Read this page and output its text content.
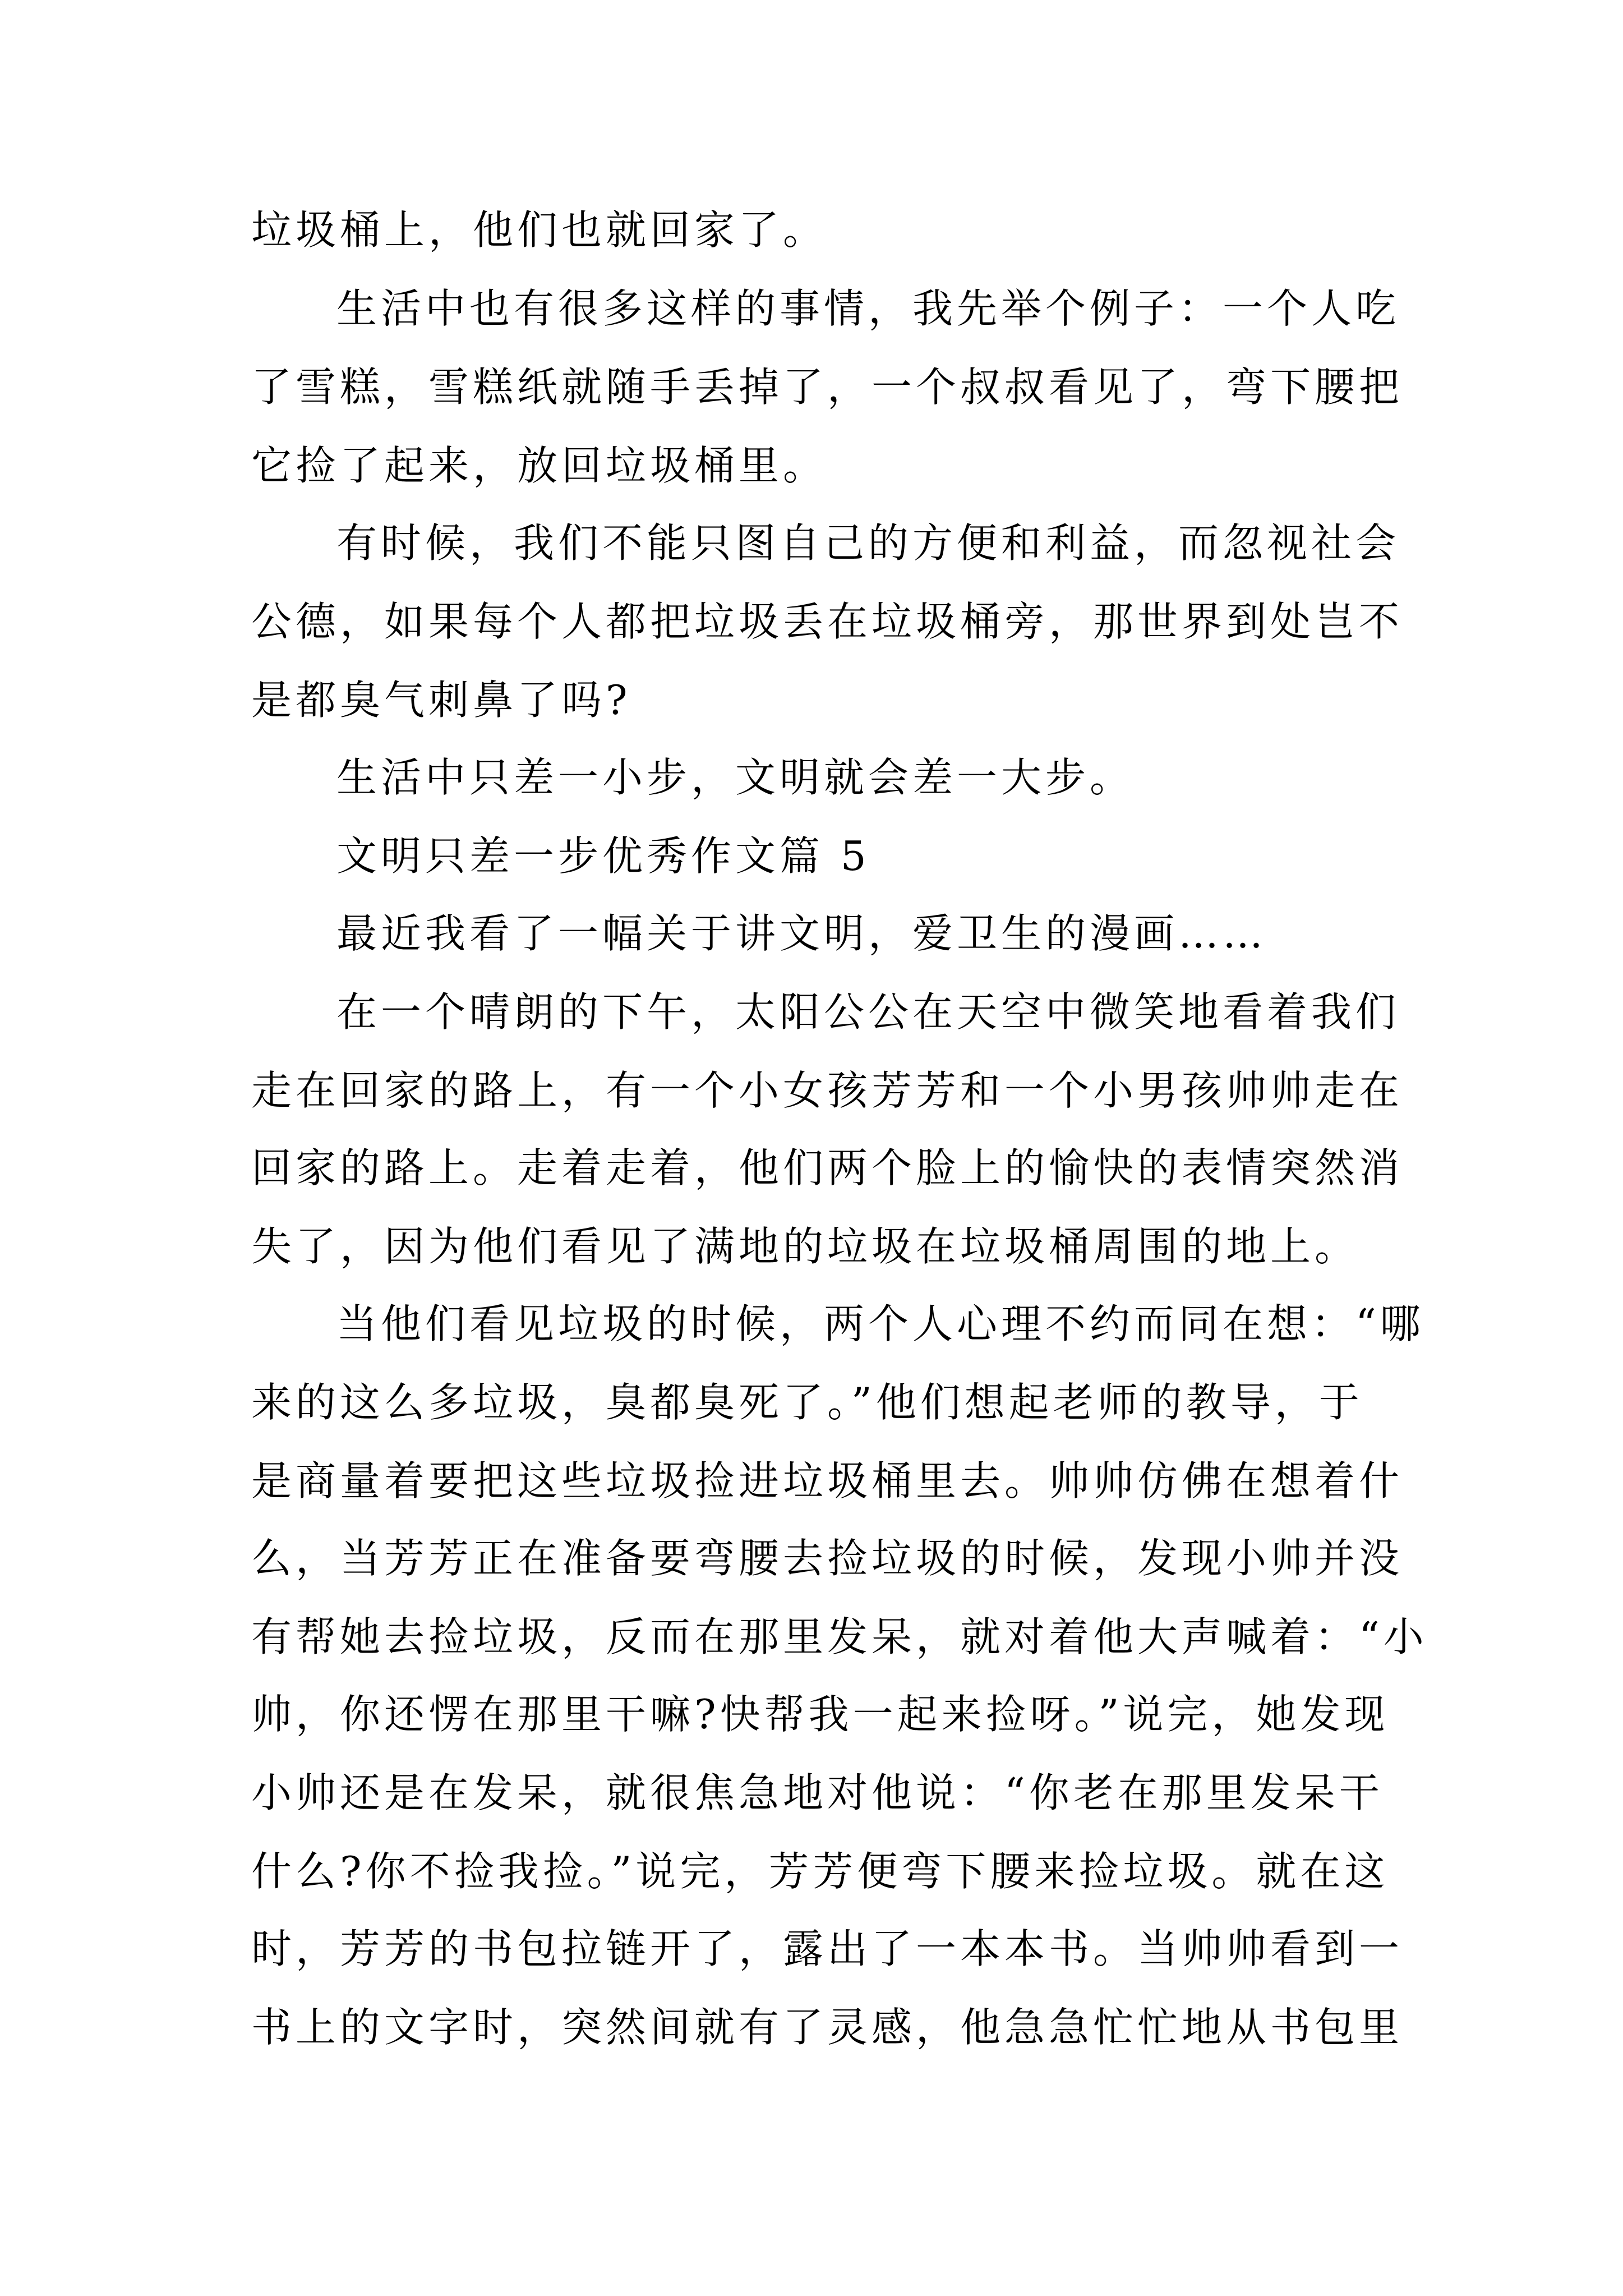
垃圾桶上，他们也就回家了。

生活中也有很多这样的事情，我先举个例子：一个人吃

了雪糕，雪糕纸就随手丢掉了，一个叔叔看见了，弯下腰把

它捡了起来，放回垃圾桶里。

有时候，我们不能只图自己的方便和利益，而忽视社会

公德，如果每个人都把垃圾丢在垃圾桶旁，那世界到处岂不

是都臭气刺鼻了吗?

生活中只差一小步，文明就会差一大步。

文明只差一步优秀作文篇 5

最近我看了一幅关于讲文明，爱卫生的漫画……

在一个晴朗的下午，太阳公公在天空中微笑地看着我们

走在回家的路上，有一个小女孩芳芳和一个小男孩帅帅走在

回家的路上。走着走着，他们两个脸上的愉快的表情突然消

失了，因为他们看见了满地的垃圾在垃圾桶周围的地上。

当他们看见垃圾的时候，两个人心理不约而同在想：“哪

来的这么多垃圾，臭都臭死了。”他们想起老师的教导，于

是商量着要把这些垃圾捡进垃圾桶里去。帅帅仿佛在想着什

么，当芳芳正在准备要弯腰去捡垃圾的时候，发现小帅并没

有帮她去捡垃圾，反而在那里发呆，就对着他大声喊着：“小

帅，你还愣在那里干嘛?快帮我一起来捡呀。”说完，她发现

小帅还是在发呆，就很焦急地对他说：“你老在那里发呆干

什么?你不捡我捡。”说完，芳芳便弯下腰来捡垃圾。就在这

时，芳芳的书包拉链开了，露出了一本本书。当帅帅看到一

书上的文字时，突然间就有了灵感，他急急忙忙地从书包里
